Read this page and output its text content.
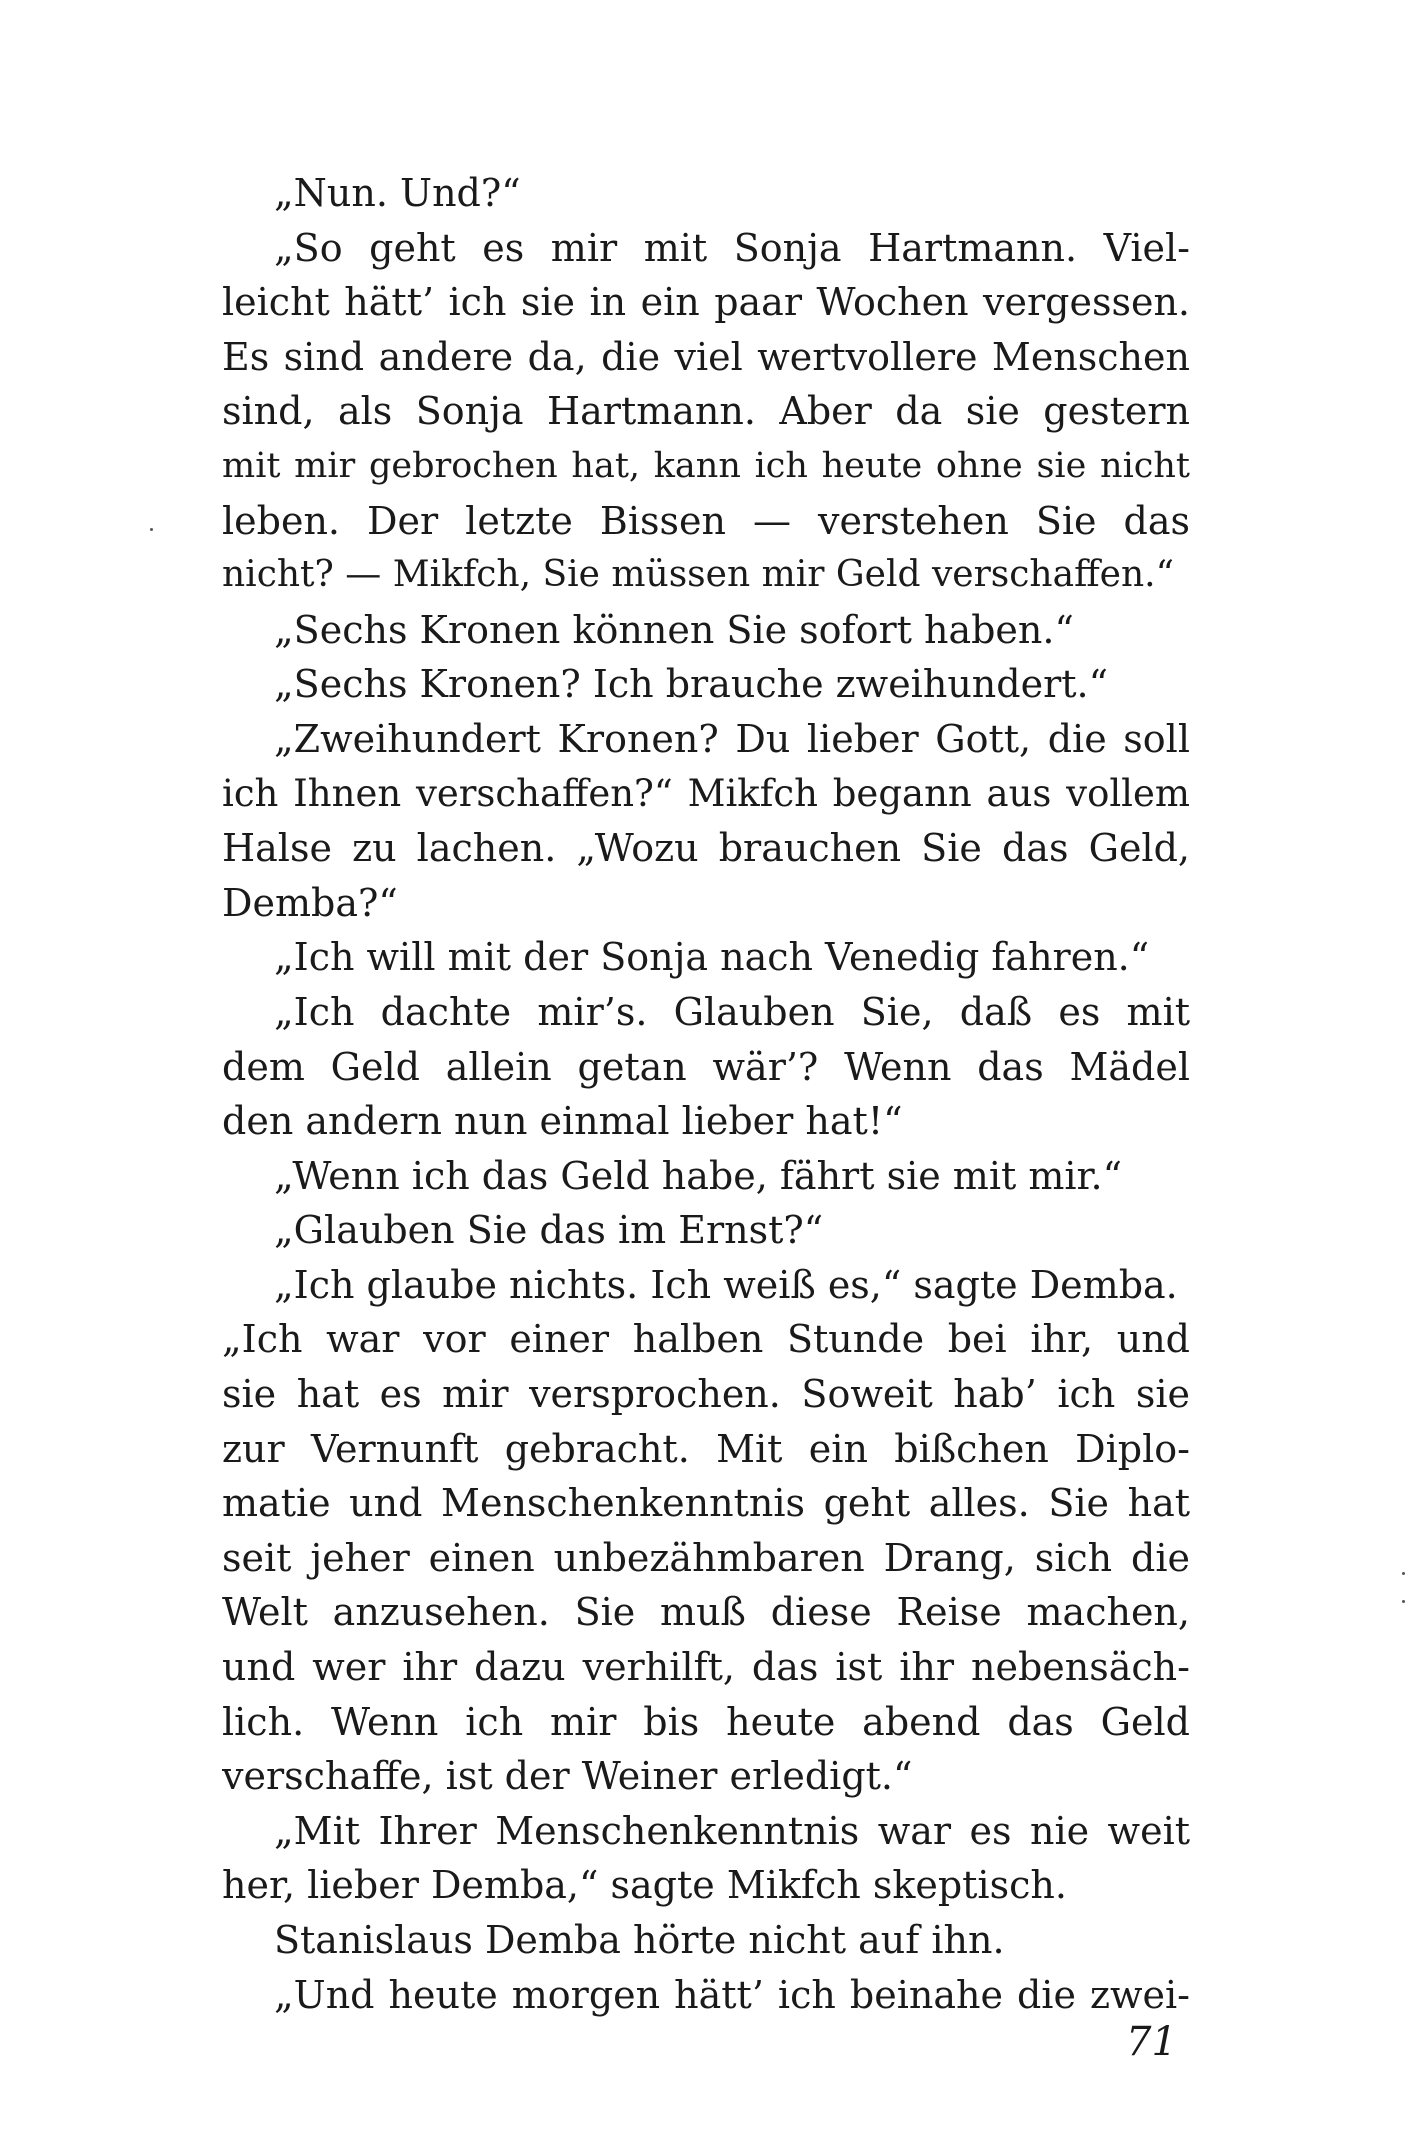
„Nun. Und?“
„So geht es mir mit Sonja Hartmann. Viel-
leicht hätt’ ich sie in ein paar Wochen vergessen.
Es sind andere da, die viel wertvollere Menschen
sind, als Sonja Hartmann. Aber da sie gestern
mit mir gebrochen hat, kann ich heute ohne sie nicht
leben. Der letzte Bissen — verstehen Sie das
nicht? — Mikfch, Sie müssen mir Geld verschaffen.“
„Sechs Kronen können Sie sofort haben.“
„Sechs Kronen? Ich brauche zweihundert.“
„Zweihundert Kronen? Du lieber Gott, die soll
ich Ihnen verschaffen?“ Mikfch begann aus vollem
Halse zu lachen. „Wozu brauchen Sie das Geld,
Demba?“
„Ich will mit der Sonja nach Venedig fahren.“
„Ich dachte mir’s. Glauben Sie, daß es mit
dem Geld allein getan wär’? Wenn das Mädel
den andern nun einmal lieber hat!“
„Wenn ich das Geld habe, fährt sie mit mir.“
„Glauben Sie das im Ernst?“
„Ich glaube nichts. Ich weiß es,“ sagte Demba.
„Ich war vor einer halben Stunde bei ihr, und
sie hat es mir versprochen. Soweit hab’ ich sie
zur Vernunft gebracht. Mit ein bißchen Diplo-
matie und Menschenkenntnis geht alles. Sie hat
seit jeher einen unbezähmbaren Drang, sich die
Welt anzusehen. Sie muß diese Reise machen,
und wer ihr dazu verhilft, das ist ihr nebensäch-
lich. Wenn ich mir bis heute abend das Geld
verschaffe, ist der Weiner erledigt.“
„Mit Ihrer Menschenkenntnis war es nie weit
her, lieber Demba,“ sagte Mikfch skeptisch.
Stanislaus Demba hörte nicht auf ihn.
„Und heute morgen hätt’ ich beinahe die zwei-
71
